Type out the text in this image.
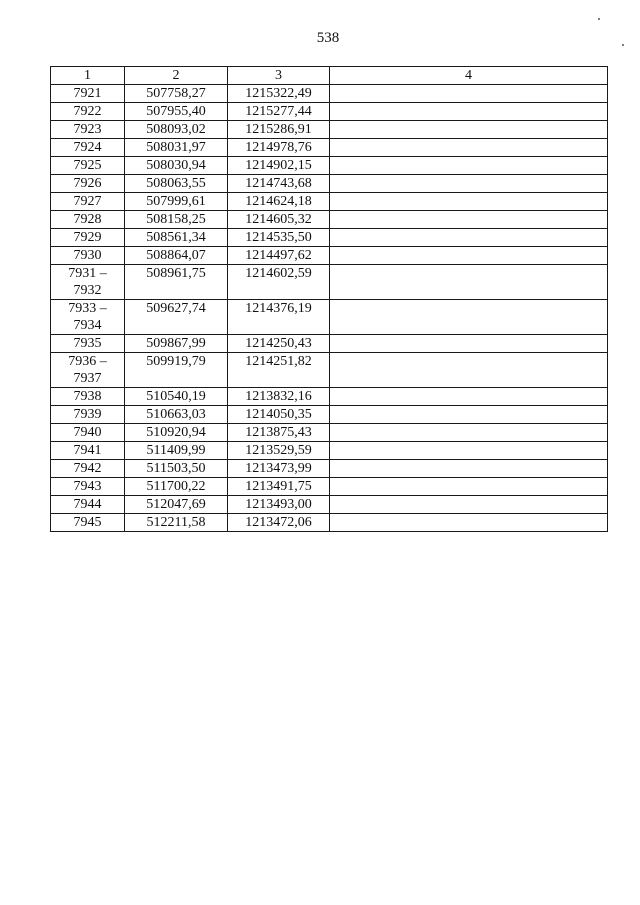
538
1	2	3	4
7921	507758,27	1215322,49	
7922	507955,40	1215277,44	
7923	508093,02	1215286,91	
7924	508031,97	1214978,76	
7925	508030,94	1214902,15	
7926	508063,55	1214743,68	
7927	507999,61	1214624,18	
7928	508158,25	1214605,32	
7929	508561,34	1214535,50	
7930	508864,07	1214497,62	
7931 – 7932	508961,75	1214602,59	
7933 – 7934	509627,74	1214376,19	
7935	509867,99	1214250,43	
7936 – 7937	509919,79	1214251,82	
7938	510540,19	1213832,16	
7939	510663,03	1214050,35	
7940	510920,94	1213875,43	
7941	511409,99	1213529,59	
7942	511503,50	1213473,99	
7943	511700,22	1213491,75	
7944	512047,69	1213493,00	
7945	512211,58	1213472,06	
